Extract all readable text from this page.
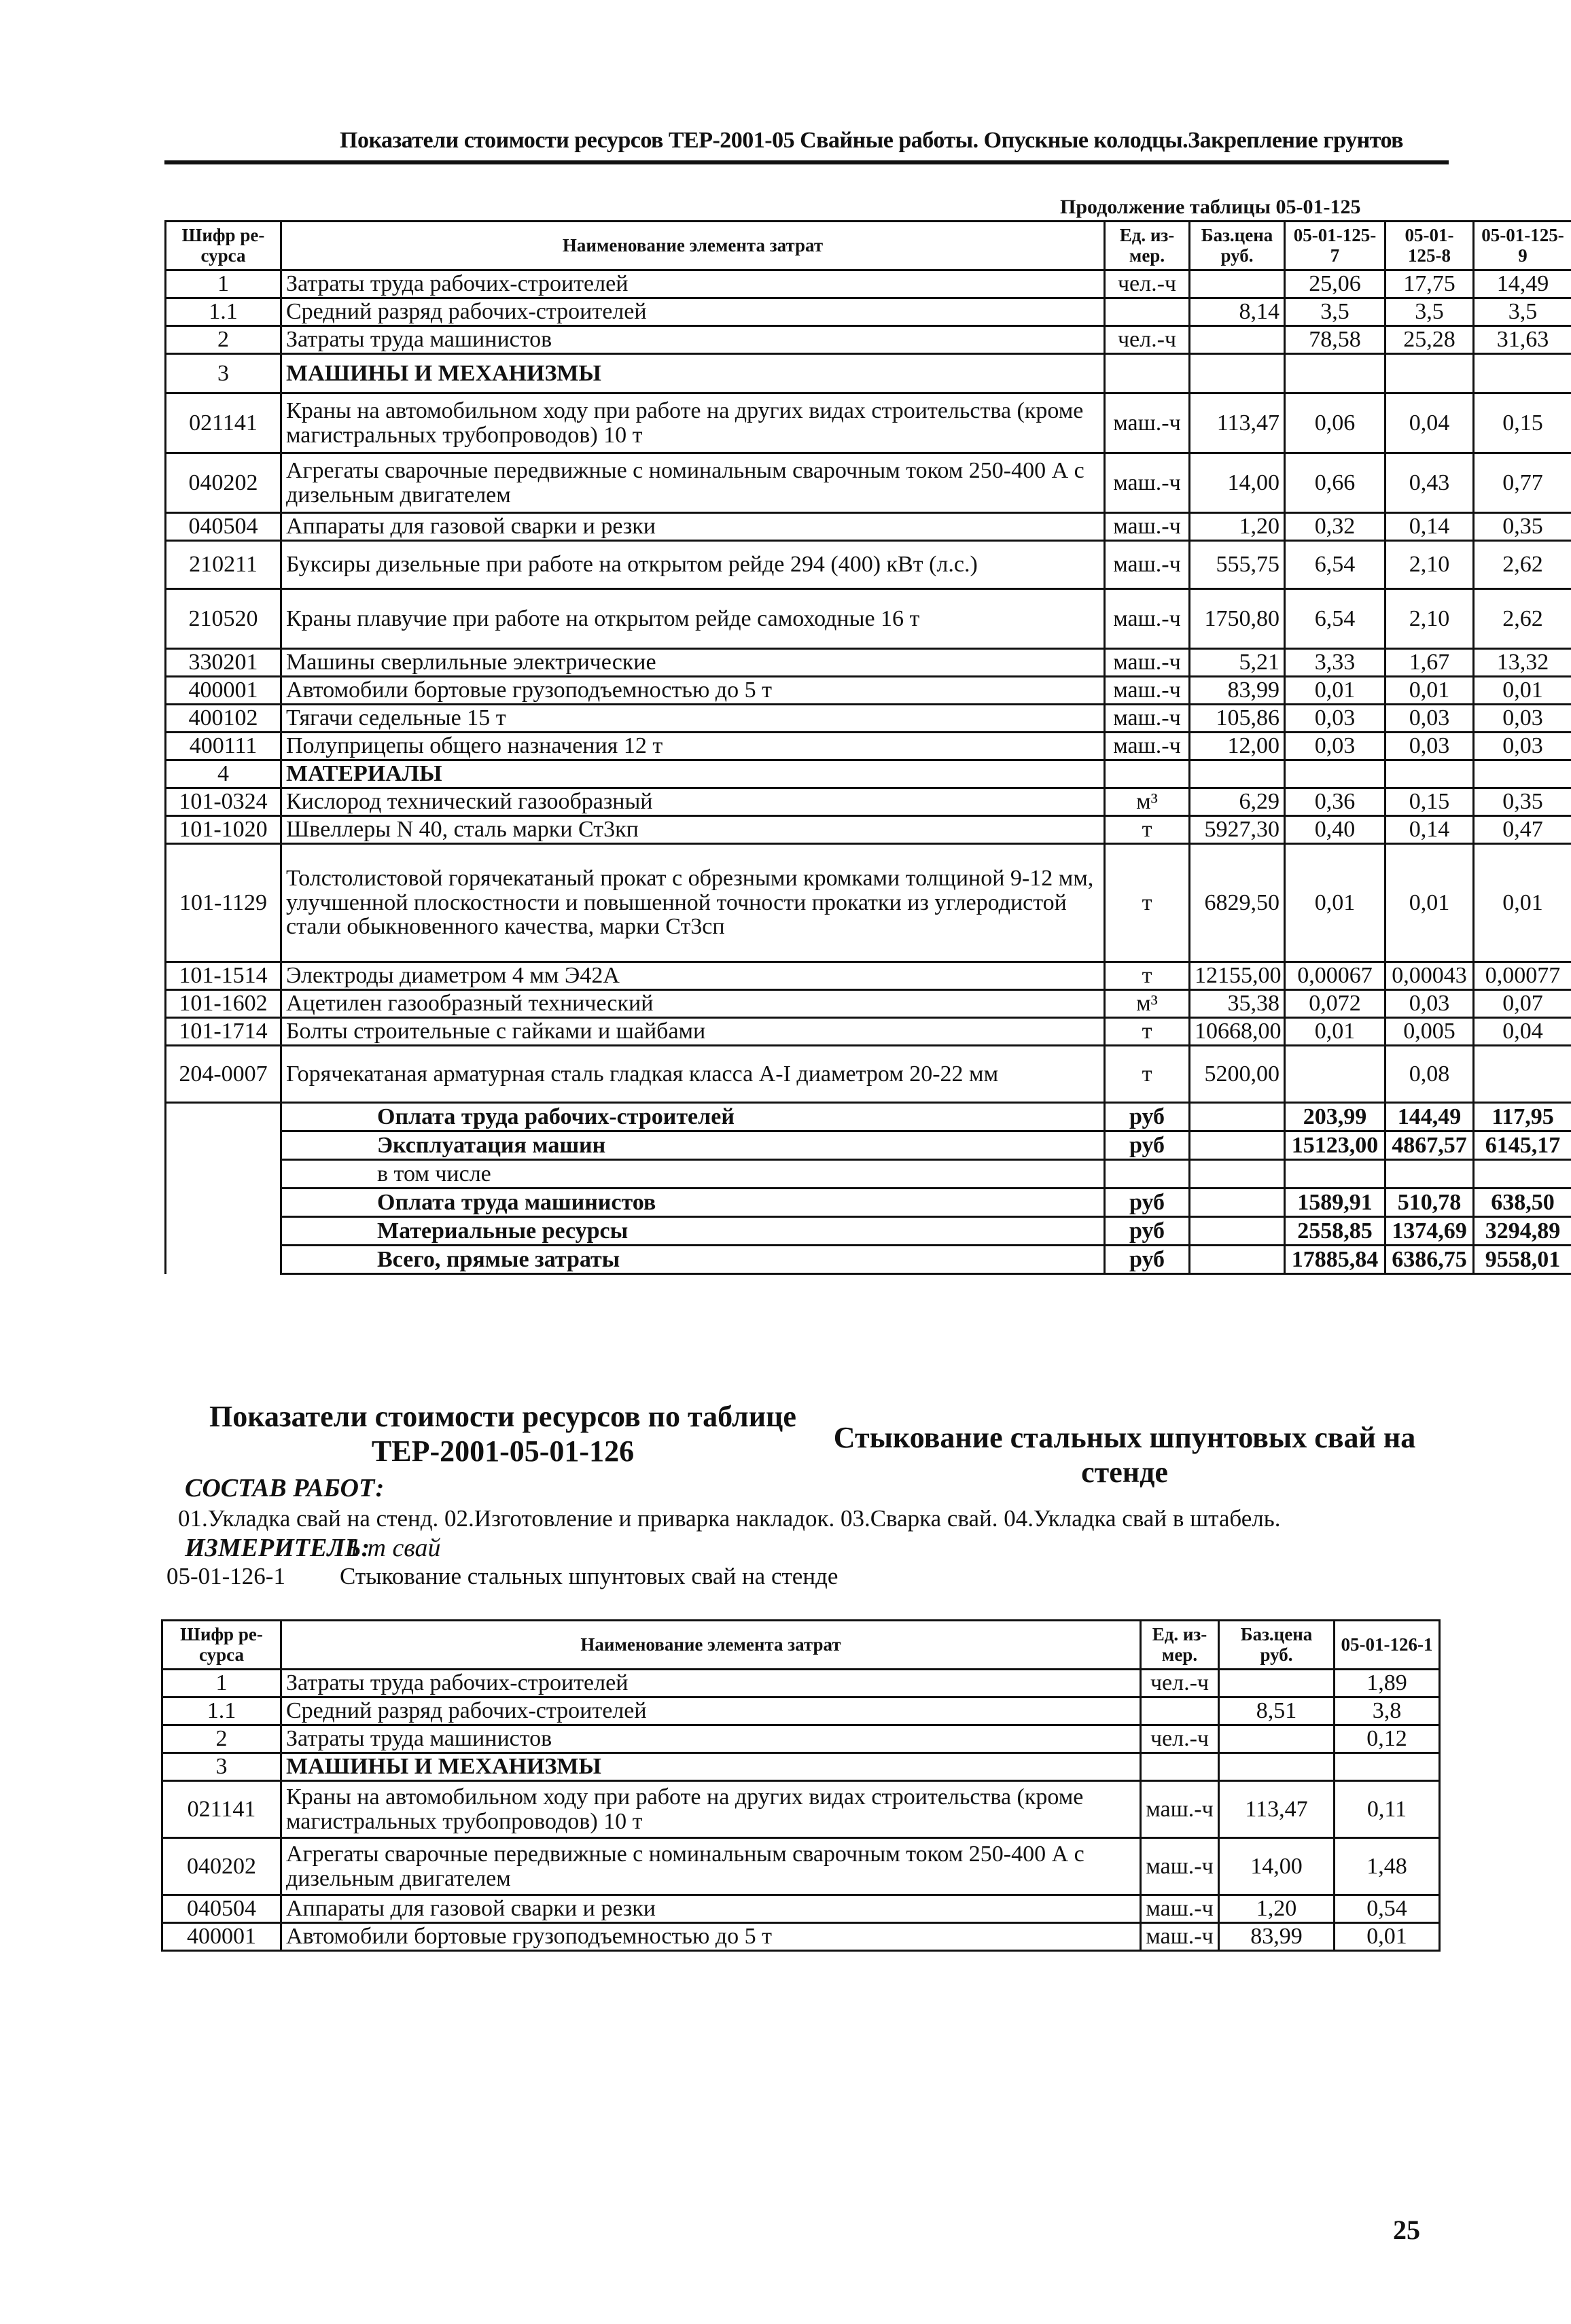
Показатели стоимости ресурсов ТЕР-2001-05 Свайные работы. Опускные колодцы.Закрепление грунтов
Продолжение таблицы 05-01-125
Шифр ре-сурса	Наименование элемента затрат	Ед. из-мер.	Баз.цена руб.	05-01-125-7	05-01-125-8	05-01-125-9
1	Затраты труда рабочих-строителей	чел.-ч		25,06	17,75	14,49
1.1	Средний разряд рабочих-строителей		8,14	3,5	3,5	3,5
2	Затраты труда машинистов	чел.-ч		78,58	25,28	31,63
3	МАШИНЫ И МЕХАНИЗМЫ					
021141	Краны на автомобильном ходу при работе на других видах строительства (кроме магистральных трубопроводов) 10 т	маш.-ч	113,47	0,06	0,04	0,15
040202	Агрегаты сварочные передвижные с номинальным сварочным током 250-400 А с дизельным двигателем	маш.-ч	14,00	0,66	0,43	0,77
040504	Аппараты для газовой сварки и резки	маш.-ч	1,20	0,32	0,14	0,35
210211	Буксиры дизельные при работе на открытом рейде 294 (400) кВт (л.с.)	маш.-ч	555,75	6,54	2,10	2,62
210520	Краны плавучие при работе на открытом рейде самоходные 16 т	маш.-ч	1750,80	6,54	2,10	2,62
330201	Машины сверлильные электрические	маш.-ч	5,21	3,33	1,67	13,32
400001	Автомобили бортовые грузоподъемностью до 5 т	маш.-ч	83,99	0,01	0,01	0,01
400102	Тягачи седельные 15 т	маш.-ч	105,86	0,03	0,03	0,03
400111	Полуприцепы общего назначения 12 т	маш.-ч	12,00	0,03	0,03	0,03
4	МАТЕРИАЛЫ					
101-0324	Кислород технический газообразный	м³	6,29	0,36	0,15	0,35
101-1020	Швеллеры N 40, сталь марки Ст3кп	т	5927,30	0,40	0,14	0,47
101-1129	Толстолистовой горячекатаный прокат с обрезными кромками толщиной 9-12 мм, улучшенной плоскостности и повышенной точности прокатки из углеродистой стали обыкновенного качества, марки Ст3сп	т	6829,50	0,01	0,01	0,01
101-1514	Электроды диаметром 4 мм Э42А	т	12155,00	0,00067	0,00043	0,00077
101-1602	Ацетилен газообразный технический	м³	35,38	0,072	0,03	0,07
101-1714	Болты строительные с гайками и шайбами	т	10668,00	0,01	0,005	0,04
204-0007	Горячекатаная арматурная сталь гладкая класса А-I диаметром 20-22 мм	т	5200,00		0,08	
	Оплата труда рабочих-строителей	руб		203,99	144,49	117,95
	Эксплуатация машин	руб		15123,00	4867,57	6145,17
	в том числе					
	Оплата труда машинистов	руб		1589,91	510,78	638,50
	Материальные ресурсы	руб		2558,85	1374,69	3294,89
	Всего, прямые затраты	руб		17885,84	6386,75	9558,01
Показатели стоимости ресурсов по таблице ТЕР-2001-05-01-126	Стыкование стальных шпунтовых свай на стенде
СОСТАВ РАБОТ:
01.Укладка свай на стенд. 02.Изготовление и приварка накладок. 03.Сварка свай. 04.Укладка свай в штабель.
ИЗМЕРИТЕЛЬ:
1 т свай
05-01-126-1 Стыкование стальных шпунтовых свай на стенде
Шифр ре-сурса	Наименование элемента затрат	Ед. из-мер.	Баз.цена руб.	05-01-126-1
1	Затраты труда рабочих-строителей	чел.-ч		1,89
1.1	Средний разряд рабочих-строителей		8,51	3,8
2	Затраты труда машинистов	чел.-ч		0,12
3	МАШИНЫ И МЕХАНИЗМЫ			
021141	Краны на автомобильном ходу при работе на других видах строительства (кроме магистральных трубопроводов) 10 т	маш.-ч	113,47	0,11
040202	Агрегаты сварочные передвижные с номинальным сварочным током 250-400 А с дизельным двигателем	маш.-ч	14,00	1,48
040504	Аппараты для газовой сварки и резки	маш.-ч	1,20	0,54
400001	Автомобили бортовые грузоподъемностью до 5 т	маш.-ч	83,99	0,01
25
